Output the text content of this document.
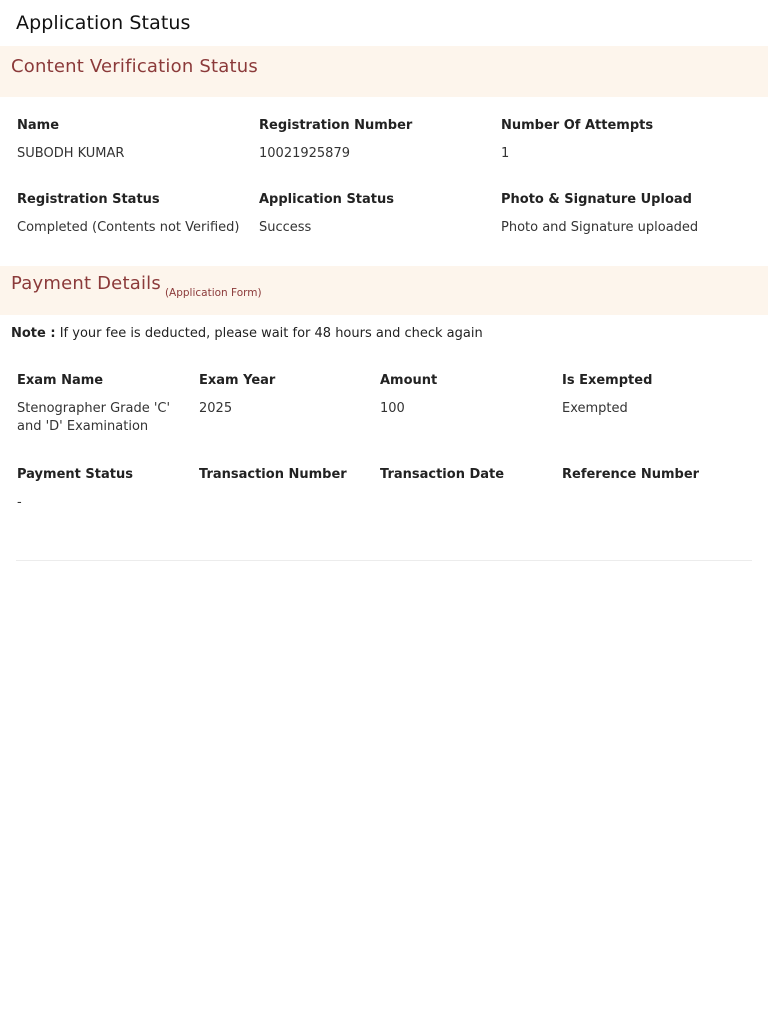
Application Status
Content Verification Status
Name
SUBODH KUMAR
Registration Number
10021925879
Number Of Attempts
1
Registration Status
Completed (Contents not Verified)
Application Status
Success
Photo & Signature Upload
Photo and Signature uploaded
Payment Details $_{(Application Form)}$
Note : If your fee is deducted, please wait for 48 hours and check again
Exam Name
Stenographer Grade 'C' and 'D' Examination
Exam Year
2025
Amount
100
Is Exempted
Exempted
Payment Status
-
Transaction Number	Transaction Date	Reference Number
